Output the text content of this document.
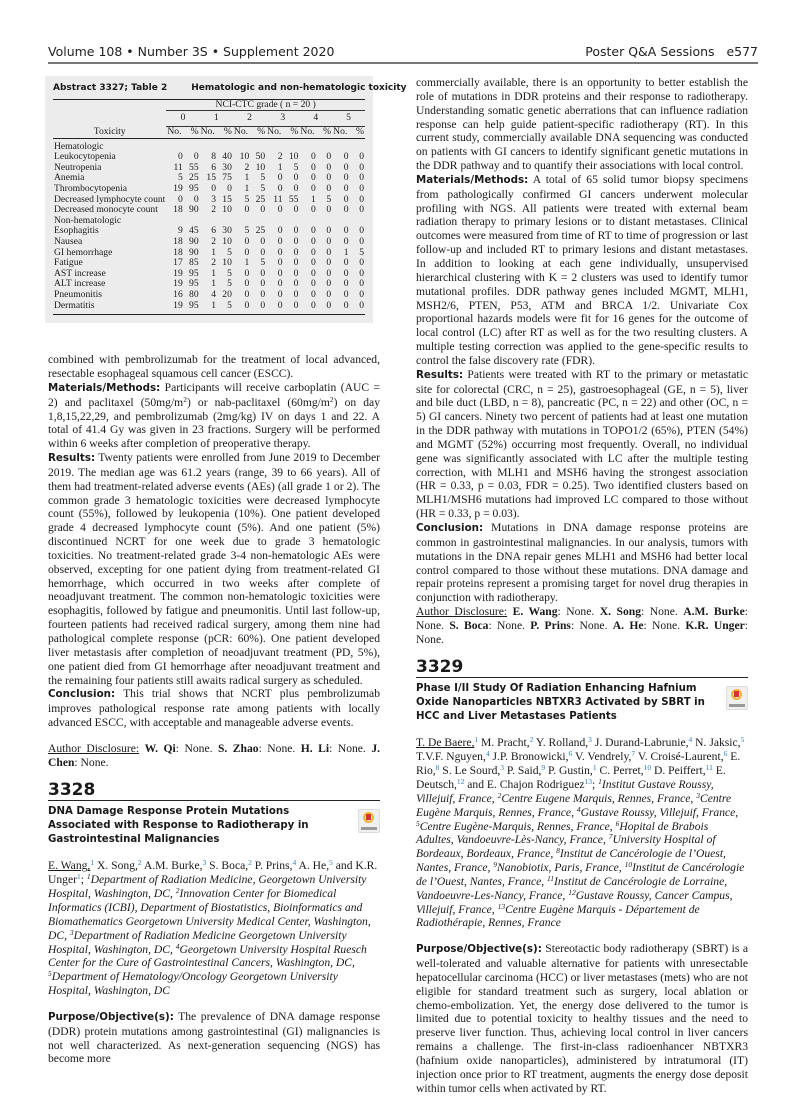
Volume 108 • Number 3S • Supplement 2020	Poster Q&A Sessions   e577
Abstract 3327; Table 2	Hematologic and non-hematologic toxicity
	NCI-CTC grade ( n = 20 )											
	0		1		2		3		4		5	
Toxicity	No.	%	No.	%	No.	%	No.	%	No.	%	No.	%
Hematologic												
Leukocytopenia	0	0	8	40	10	50	2	10	0	0	0	0
Neutropenia	11	55	6	30	2	10	1	5	0	0	0	0
Anemia	5	25	15	75	1	5	0	0	0	0	0	0
Thrombocytopenia	19	95	0	0	1	5	0	0	0	0	0	0
Decreased lymphocyte count	0	0	3	15	5	25	11	55	1	5	0	0
Decreased monocyte count	18	90	2	10	0	0	0	0	0	0	0	0
Non-hematologic												
Esophagitis	9	45	6	30	5	25	0	0	0	0	0	0
Nausea	18	90	2	10	0	0	0	0	0	0	0	0
GI hemorrhage	18	90	1	5	0	0	0	0	0	0	1	5
Fatigue	17	85	2	10	1	5	0	0	0	0	0	0
AST increase	19	95	1	5	0	0	0	0	0	0	0	0
ALT increase	19	95	1	5	0	0	0	0	0	0	0	0
Pneumonitis	16	80	4	20	0	0	0	0	0	0	0	0
Dermatitis	19	95	1	5	0	0	0	0	0	0	0	0

combined with pembrolizumab for the treatment of local advanced, resectable esophageal squamous cell cancer (ESCC).

Materials/Methods: Participants will receive carboplatin (AUC = 2) and paclitaxel $(50mg/m^2)$ or nab-paclitaxel $(60mg/m^2)$ on day 1,8,15,22,29, and pembrolizumab (2mg/kg) IV on days 1 and 22. A total of 41.4 Gy was given in 23 fractions. Surgery will be performed within 6 weeks after completion of preoperative therapy.

Results: Twenty patients were enrolled from June 2019 to December 2019. The median age was 61.2 years (range, 39 to 66 years). All of them had treatment-related adverse events (AEs) (all grade 1 or 2). The common grade 3 hematologic toxicities were decreased lymphocyte count (55%), followed by leukopenia (10%). One patient developed grade 4 decreased lymphocyte count (5%). And one patient (5%) discontinued NCRT for one week due to grade 3 hematologic toxicities. No treatment-related grade 3-4 non-hematologic AEs were observed, excepting for one patient dying from treatment-related GI hemorrhage, which occurred in two weeks after complete of neoadjuvant treatment. The common non-hematologic toxicities were esophagitis, followed by fatigue and pneumonitis. Until last follow-up, fourteen patients had received radical surgery, among them nine had pathological complete response (pCR: 60%). One patient developed liver metastasis after completion of neoadjuvant treatment (PD, 5%), one patient died from GI hemorrhage after neoadjuvant treatment and the remaining four patients still awaits radical surgery as scheduled.

Conclusion: This trial shows that NCRT plus pembrolizumab improves pathological response rate among patients with locally advanced ESCC, with acceptable and manageable adverse events.

Author Disclosure: W. Qi: None. S. Zhao: None. H. Li: None. J. Chen: None.

3328
DNA Damage Response Protein Mutations Associated with Response to Radiotherapy in Gastrointestinal Malignancies

E. Wang,$^1$ X. Song,$^2$ A.M. Burke,$^3$ S. Boca,$^2$ P. Prins,$^4$ A. He,$^5$ and K.R. Unger$^1$; $^1$Department of Radiation Medicine, Georgetown University Hospital, Washington, DC, $^2$Innovation Center for Biomedical Informatics (ICBI), Department of Biostatistics, Bioinformatics and Biomathematics Georgetown University Medical Center, Washington, DC, $^3$Department of Radiation Medicine Georgetown University Hospital, Washington, DC, $^4$Georgetown University Hospital Ruesch Center for the Cure of Gastrointestinal Cancers, Washington, DC, $^5$Department of Hematology/Oncology Georgetown University Hospital, Washington, DC

Purpose/Objective(s): The prevalence of DNA damage response (DDR) protein mutations among gastrointestinal (GI) malignancies is not well characterized. As next-generation sequencing (NGS) has become more

commercially available, there is an opportunity to better establish the role of mutations in DDR proteins and their response to radiotherapy. Understanding somatic genetic aberrations that can influence radiation response can help guide patient-specific radiotherapy (RT). In this current study, commercially available DNA sequencing was conducted on patients with GI cancers to identify significant genetic mutations in the DDR pathway and to quantify their associations with local control.

Materials/Methods: A total of 65 solid tumor biopsy specimens from pathologically confirmed GI cancers underwent molecular profiling with NGS. All patients were treated with external beam radiation therapy to primary lesions or to distant metastases. Clinical outcomes were measured from time of RT to time of progression or last follow-up and included RT to primary lesions and distant metastases. In addition to looking at each gene individually, unsupervised hierarchical clustering with K = 2 clusters was used to identify tumor mutational profiles. DDR pathway genes included MGMT, MLH1, MSH2/6, PTEN, P53, ATM and BRCA 1/2. Univariate Cox proportional hazards models were fit for 16 genes for the outcome of local control (LC) after RT as well as for the two resulting clusters. A multiple testing correction was applied to the gene-specific results to control the false discovery rate (FDR).

Results: Patients were treated with RT to the primary or metastatic site for colorectal (CRC, n = 25), gastroesophageal (GE, n = 5), liver and bile duct (LBD, n = 8), pancreatic (PC, n = 22) and other (OC, n = 5) GI cancers. Ninety two percent of patients had at least one mutation in the DDR pathway with mutations in TOPO1/2 (65%), PTEN (54%) and MGMT (52%) occurring most frequently. Overall, no individual gene was significantly associated with LC after the multiple testing correction, with MLH1 and MSH6 having the strongest association (HR = 0.33, p = 0.03, FDR = 0.25). Two identified clusters based on MLH1/MSH6 mutations had improved LC compared to those without (HR = 0.33, p = 0.03).

Conclusion: Mutations in DNA damage response proteins are common in gastrointestinal malignancies. In our analysis, tumors with mutations in the DNA repair genes MLH1 and MSH6 had better local control compared to those without these mutations. DNA damage and repair proteins represent a promising target for novel drug therapies in conjunction with radiotherapy.

Author Disclosure: E. Wang: None. X. Song: None. A.M. Burke: None. S. Boca: None. P. Prins: None. A. He: None. K.R. Unger: None.

3329
Phase I/II Study Of Radiation Enhancing Hafnium Oxide Nanoparticles NBTXR3 Activated by SBRT in HCC and Liver Metastases Patients

T. De Baere,$^1$ M. Pracht,$^2$ Y. Rolland,$^3$ J. Durand-Labrunie,$^4$ N. Jaksic,$^5$ T.V.F. Nguyen,$^4$ J.P. Bronowicki,$^6$ V. Vendrely,$^7$ V. Croisé-Laurent,$^6$ E. Rio,$^8$ S. Le Sourd,$^3$ P. Said,$^9$ P. Gustin,$^1$ C. Perret,$^{10}$ D. Peiffert,$^{11}$ E. Deutsch,$^{12}$ and E. Chajon Rodriguez$^{13}$; $^1$Institut Gustave Roussy, Villejuif, France, $^2$Centre Eugene Marquis, Rennes, France, $^3$Centre Eugène Marquis, Rennes, France, $^4$Gustave Roussy, Villejuif, France, $^5$Centre Eugène-Marquis, Rennes, France, $^6$Hopital de Brabois Adultes, Vandoeuvre-Lès-Nancy, France, $^7$University Hospital of Bordeaux, Bordeaux, France, $^8$Institut de Cancérologie de l’Ouest, Nantes, France, $^9$Nanobiotix, Paris, France, $^{10}$Institut de Cancérologie de l’Ouest, Nantes, France, $^{11}$Institut de Cancérologie de Lorraine, Vandoeuvre-Les-Nancy, France, $^{12}$Gustave Roussy, Cancer Campus, Villejuif, France, $^{13}$Centre Eugène Marquis - Département de Radiothérapie, Rennes, France

Purpose/Objective(s): Stereotactic body radiotherapy (SBRT) is a well-tolerated and valuable alternative for patients with unresectable hepatocellular carcinoma (HCC) or liver metastases (mets) who are not eligible for standard treatment such as surgery, local ablation or chemo-embolization. Yet, the energy dose delivered to the tumor is limited due to potential toxicity to healthy tissues and the need to preserve liver function. Thus, achieving local control in liver cancers remains a challenge. The first-in-class radioenhancer NBTXR3 (hafnium oxide nanoparticles), administered by intratumoral (IT) injection once prior to RT treatment, augments the energy dose deposit within tumor cells when activated by RT.
